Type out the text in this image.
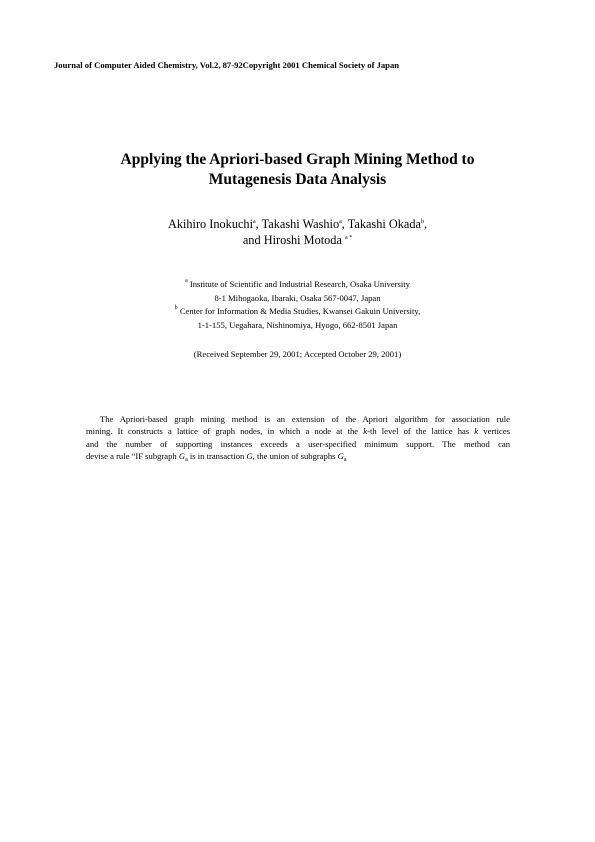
Journal of Computer Aided Chemistry, Vol.2, 87-92Copyright 2001 Chemical Society of Japan
Applying the Apriori-based Graph Mining Method to
Mutagenesis Data Analysis
Akihiro Inokuchi$^a$, Takashi Washio$^a$, Takashi Okada$^b$,
and Hiroshi Motoda $^{a *}$
$^a$ Institute of Scientific and Industrial Research, Osaka University
8-1 Mihogaoka, Ibaraki, Osaka 567-0047, Japan
$^b$ Center for Information & Media Studies, Kwansei Gakuin University,
1-1-155, Uegahara, Nishinomiya, Hyogo, 662-8501 Japan
(Received September 29, 2001; Accepted October 29, 2001)
The Apriori-based graph mining method is an extension of the Apriori algorithm for association rule
mining. It constructs a lattice of graph nodes, in which a node at the k-th level of the lattice has k vertices
and the number of supporting instances exceeds a user-specified minimum support. The method can
devise a rule “IF subgraph $G_a$ is in transaction G, the union of subgraphs $G_a$
